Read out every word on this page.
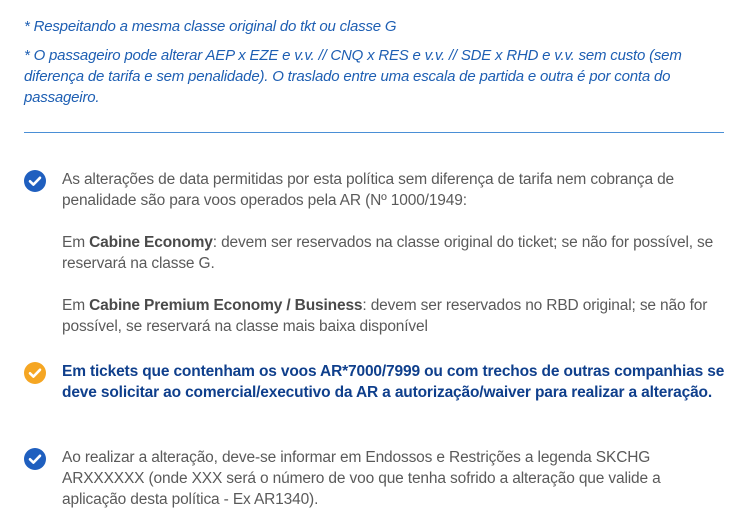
* Respeitando a mesma classe original do tkt ou classe G
* O passageiro pode alterar AEP x EZE e v.v. // CNQ x RES e v.v. // SDE x RHD e v.v. sem custo (sem diferença de tarifa e sem penalidade). O traslado entre uma escala de partida e outra é por conta do passageiro.

As alterações de data permitidas por esta política sem diferença de tarifa nem cobrança de penalidade são para voos operados pela AR (Nº 1000/1949:

Em Cabine Economy: devem ser reservados na classe original do ticket; se não for possível, se reservará na classe G.

Em Cabine Premium Economy / Business: devem ser reservados no RBD original; se não for possível, se reservará na classe mais baixa disponível

Em tickets que contenham os voos AR*7000/7999 ou com trechos de outras companhias se deve solicitar ao comercial/executivo da AR a autorização/waiver para realizar a alteração.
Ao realizar a alteração, deve-se informar em Endossos e Restrições a legenda SKCHG ARXXXXXX (onde XXX será o número de voo que tenha sofrido a alteração que valide a aplicação desta política - Ex AR1340).
